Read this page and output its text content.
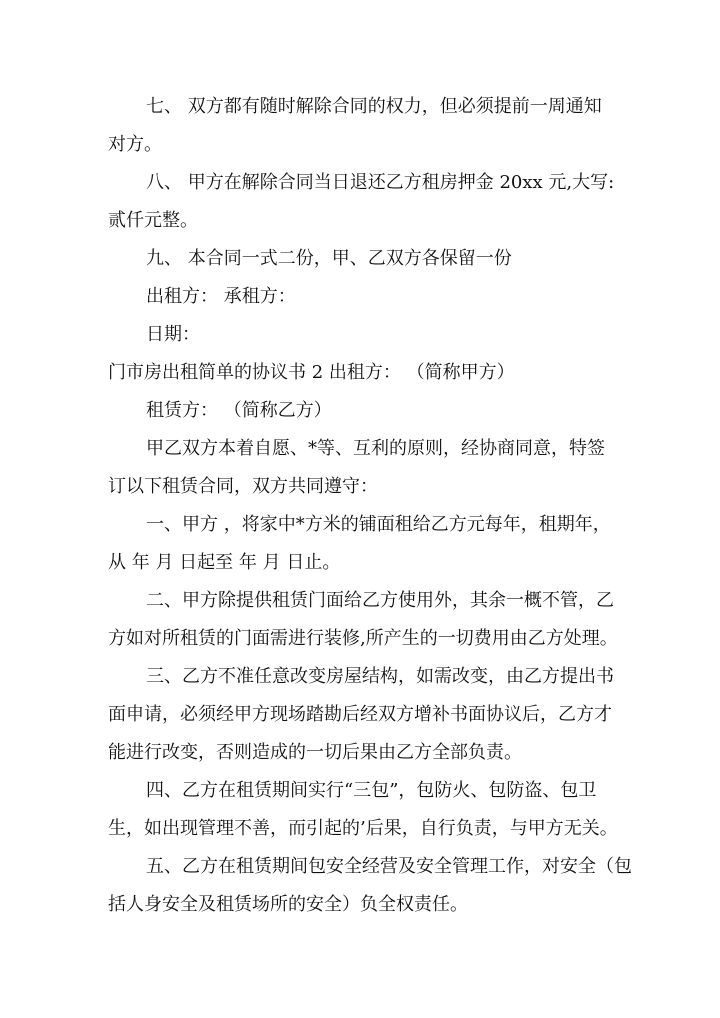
七、 双方都有随时解除合同的权力，但必须提前一周通知

对方。

八、 甲方在解除合同当日退还乙方租房押金 20xx 元,大写:

贰仟元整。

九、 本合同一式二份，甲、乙双方各保留一份

出租方： 承租方：

日期：

门市房出租简单的协议书 2 出租方： （简称甲方）

租赁方： （简称乙方）

甲乙双方本着自愿、*等、互利的原则，经协商同意，特签

订以下租赁合同，双方共同遵守：

一、甲方 ，将家中*方米的铺面租给乙方元每年，租期年，

从 年 月 日起至 年 月 日止。

二、甲方除提供租赁门面给乙方使用外，其余一概不管，乙

方如对所租赁的门面需进行装修,所产生的一切费用由乙方处理。

三、乙方不准任意改变房屋结构，如需改变，由乙方提出书

面申请，必须经甲方现场踏勘后经双方增补书面协议后，乙方才

能进行改变，否则造成的一切后果由乙方全部负责。

四、乙方在租赁期间实行“三包”，包防火、包防盗、包卫

生，如出现管理不善，而引起的’后果，自行负责，与甲方无关。

五、乙方在租赁期间包安全经营及安全管理工作，对安全（包

括人身安全及租赁场所的安全）负全权责任。
